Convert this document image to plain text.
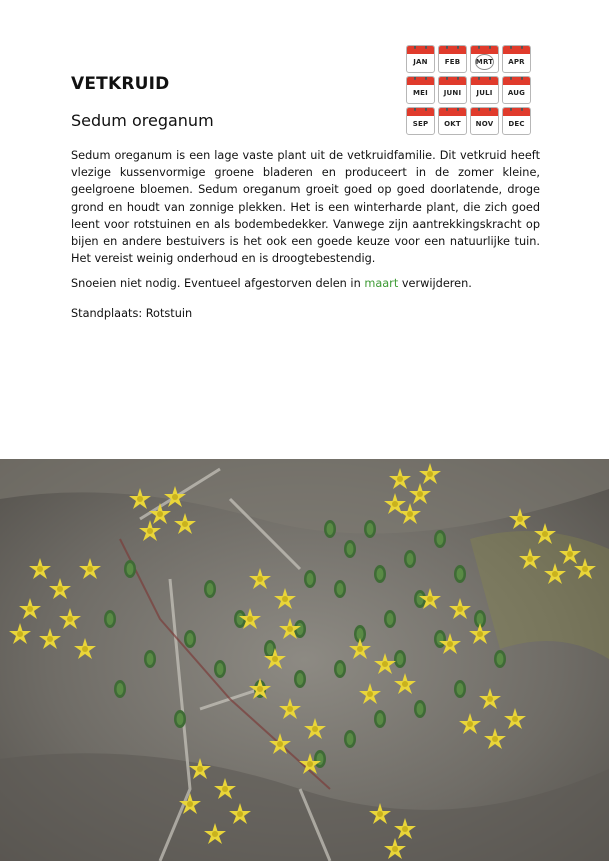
VETKRUID
Sedum oreganum
JAN	FEB	MRT	APR
MEI	JUNI	JULI	AUG
SEP	OKT	NOV	DEC
Sedum oreganum is een lage vaste plant uit de vetkruidfamilie. Dit vetkruid heeft vlezige kussenvormige groene bladeren en produceert in de zomer kleine, geelgroene bloemen. Sedum oreganum groeit goed op goed doorlatende, droge grond en houdt van zonnige plekken. Het is een winterharde plant, die zich goed leent voor rotstuinen en als bodembedekker. Vanwege zijn aantrekkingskracht op bijen en andere bestuivers is het ook een goede keuze voor een natuurlijke tuin. Het vereist weinig onderhoud en is droogtebestendig.
Snoeien niet nodig. Eventueel afgestorven delen in maart verwijderen.
Standplaats: Rotstuin
